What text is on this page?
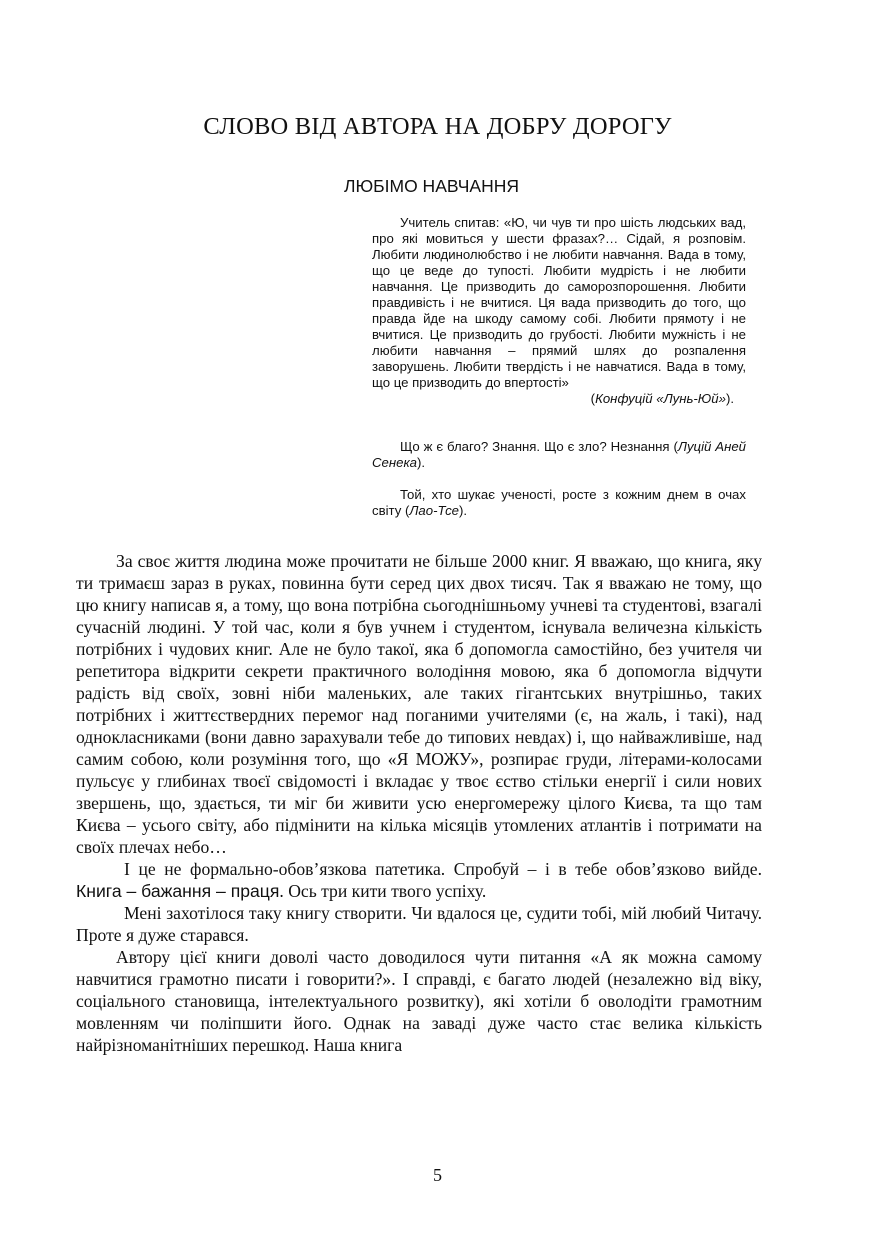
СЛОВО ВІД АВТОРА НА ДОБРУ ДОРОГУ
ЛЮБІМО НАВЧАННЯ

Учитель спитав: «Ю, чи чув ти про шість людських вад, про які мовиться у шести фразах?… Сідай, я розповім. Любити людинолюбство і не любити навчання. Вада в тому, що це веде до тупості. Любити мудрість і не любити навчання. Це призводить до саморозпорошення. Любити правдивість і не вчитися. Ця вада призводить до того, що правда йде на шкоду самому собі. Любити прямоту і не вчитися. Це призводить до грубості. Любити мужність і не любити навчання – прямий шлях до розпалення заворушень. Любити твердість і не навчатися. Вада в тому, що це призводить до впертості»
(Конфуцій «Лунь-Юй»).

Що ж є благо? Знання. Що є зло? Незнання (Луцій Аней Сенека).

Той, хто шукає ученості, росте з кожним днем в очах світу (Лао-Тсе).

За своє життя людина може прочитати не більше 2000 книг. Я вважаю, що книга, яку ти тримаєш зараз в руках, повинна бути серед цих двох тисяч. Так я вважаю не тому, що цю книгу написав я, а тому, що вона потрібна сьогоднішньому учневі та студентові, взагалі сучасній людині. У той час, коли я був учнем і студентом, існувала величезна кількість потрібних і чудових книг. Але не було такої, яка б допомогла самостійно, без учителя чи репетитора відкрити секрети практичного володіння мовою, яка б допомогла відчути радість від своїх, зовні ніби маленьких, але таких гігантських внутрішньо, таких потрібних і життєствердних перемог над поганими учителями (є, на жаль, і такі), над однокласниками (вони давно зарахували тебе до типових невдах) і, що найважливіше, над самим собою, коли розуміння того, що «Я МОЖУ», розпирає груди, літерами-колосами пульсує у глибинах твоєї свідомості і вкладає у твоє єство стільки енергії і сили нових звершень, що, здається, ти міг би живити усю енергомережу цілого Києва, та що там Києва – усього світу, або підмінити на кілька місяців утомлених атлантів і потримати на своїх плечах небо…

І це не формально-обов’язкова патетика. Спробуй – і в тебе обов’язково вийде. Книга – бажання – праця. Ось три кити твого успіху.

Мені захотілося таку книгу створити. Чи вдалося це, судити тобі, мій любий Читачу. Проте я дуже старався.

Автору цієї книги доволі часто доводилося чути питання «А як можна самому навчитися грамотно писати і говорити?». І справді, є багато людей (незалежно від віку, соціального становища, інтелектуального розвитку), які хотіли б оволодіти грамотним мовленням чи поліпшити його. Однак на заваді дуже часто стає велика кількість найрізноманітніших перешкод. Наша книга

5
